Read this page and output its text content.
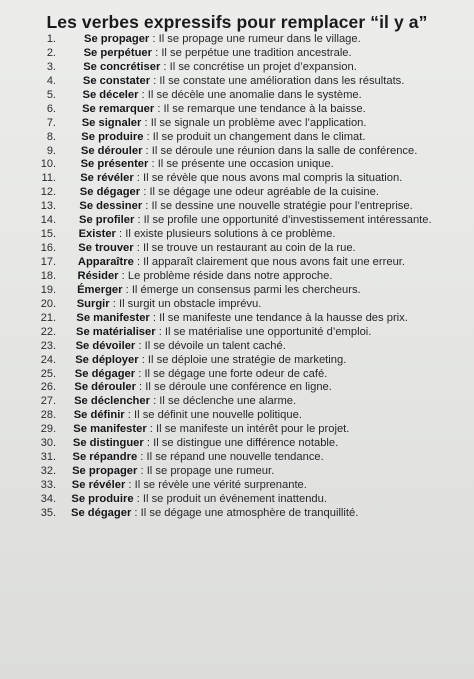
Les verbes expressifs pour remplacer “il y a”
1.	Se propager : Il se propage une rumeur dans le village.
2. Se perpétuer : Il se perpétue une tradition ancestrale.
3. Se concrétiser : Il se concrétise un projet d’expansion.
4. Se constater : Il se constate une amélioration dans les résultats.
5. Se déceler : Il se décèle une anomalie dans le système.
6. Se remarquer : Il se remarque une tendance à la baisse.
7. Se signaler : Il se signale un problème avec l’application.
8. Se produire : Il se produit un changement dans le climat.
9. Se dérouler : Il se déroule une réunion dans la salle de conférence.
10. Se présenter : Il se présente une occasion unique.
11. Se révéler : Il se révèle que nous avons mal compris la situation.
12. Se dégager : Il se dégage une odeur agréable de la cuisine.
13. Se dessiner : Il se dessine une nouvelle stratégie pour l’entreprise.
14. Se profiler : Il se profile une opportunité d’investissement intéressante.
15. Exister : Il existe plusieurs solutions à ce problème.
16. Se trouver : Il se trouve un restaurant au coin de la rue.
17. Apparaître : Il apparaît clairement que nous avons fait une erreur.
18. Résider : Le problème réside dans notre approche.
19. Émerger : Il émerge un consensus parmi les chercheurs.
20. Surgir : Il surgit un obstacle imprévu.
21. Se manifester : Il se manifeste une tendance à la hausse des prix.
22. Se matérialiser : Il se matérialise une opportunité d’emploi.
23. Se dévoiler : Il se dévoile un talent caché.
24. Se déployer : Il se déploie une stratégie de marketing.
25. Se dégager : Il se dégage une forte odeur de café.
26. Se dérouler : Il se déroule une conférence en ligne.
27. Se déclencher : Il se déclenche une alarme.
28. Se définir : Il se définit une nouvelle politique.
29. Se manifester : Il se manifeste un intérêt pour le projet.
30. Se distinguer : Il se distingue une différence notable.
31. Se répandre : Il se répand une nouvelle tendance.
32. Se propager : Il se propage une rumeur.
33. Se révéler : Il se révèle une vérité surprenante.
34. Se produire : Il se produit un événement inattendu.
35. Se dégager : Il se dégage une atmosphère de tranquillité.
